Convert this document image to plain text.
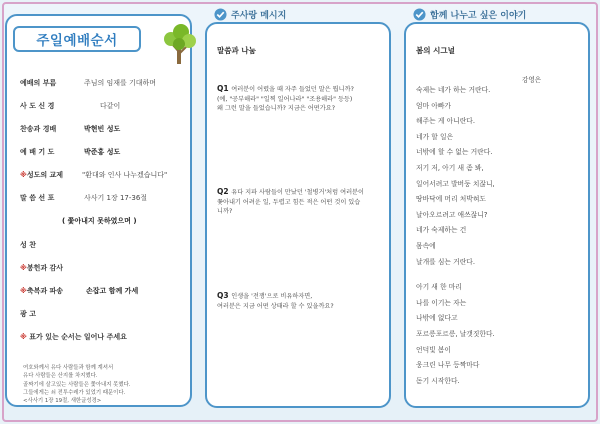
주일예배순서
예배의 부름	주님의 임재를 기대하며
사 도 신 경	다같이
찬송과 경배	박현빈 성도
예 배 기 도	박준홍 성도
※성도의 교제	"환대와 인사 나누겠습니다"
말 씀 선 포	사사기 1장 17-36절
( 쫓아내지 못하였으며 )
성 찬
※봉헌과 감사
※축복과 파송	손잡고 함께 가세
광 고
※ 표가 있는 순서는 일어나 주세요
여호와께서 유다 사람들과 함께 계셔서
유다 사람들은 산지를 차지했다.
골짜기에 살고있는 사람들은 쫓아내지 못했다.
그들에게는 쇠 전투수레가 있었기 때문이다.
<사사기 1장 19절, 새한글성경>
주사랑 메시지
말씀과 나눔
Q1 여러분이 어렸을 때 자주 들었던 말은 뭡니까?
(예, "공부해라" "일찍 일어나라" "조용해라" 등등)
왜 그런 말을 들었습니까? 지금은 어떤가요?
Q2 유다 지파 사람들이 만났던 '철병거'처럼 여러분이
쫓아내기 어려운 일, 두렵고 힘든 적은 어떤 것이 있습
니까?
Q3 인생을 '전쟁'으로 비유하자면,
여러분은 지금 어떤 상태라 할 수 있을까요?
함께 나누고 싶은 이야기
봄의 시그널
강영은
숙제는 네가 하는 거란다.
엄마 아빠가
해주는 게 아니란다.
네가 할 일은
너밖에 할 수 없는 거란다.
저기 저, 아기 새 좀 봐,
일어서려고 발버둥 치잖니,
땅바닥에 머리 처박혀도
날아오르려고 애쓰잖니?
네가 숙제하는 건
몸속에
날개를 심는 거란다.
아기 새 한 마리
나를 이기는 자는
나밖에 없다고
포르릉포르릉, 날갯짓한다.
언덕빛 봄이
웅크린 나무 등짝마다
돋기 시작한다.
